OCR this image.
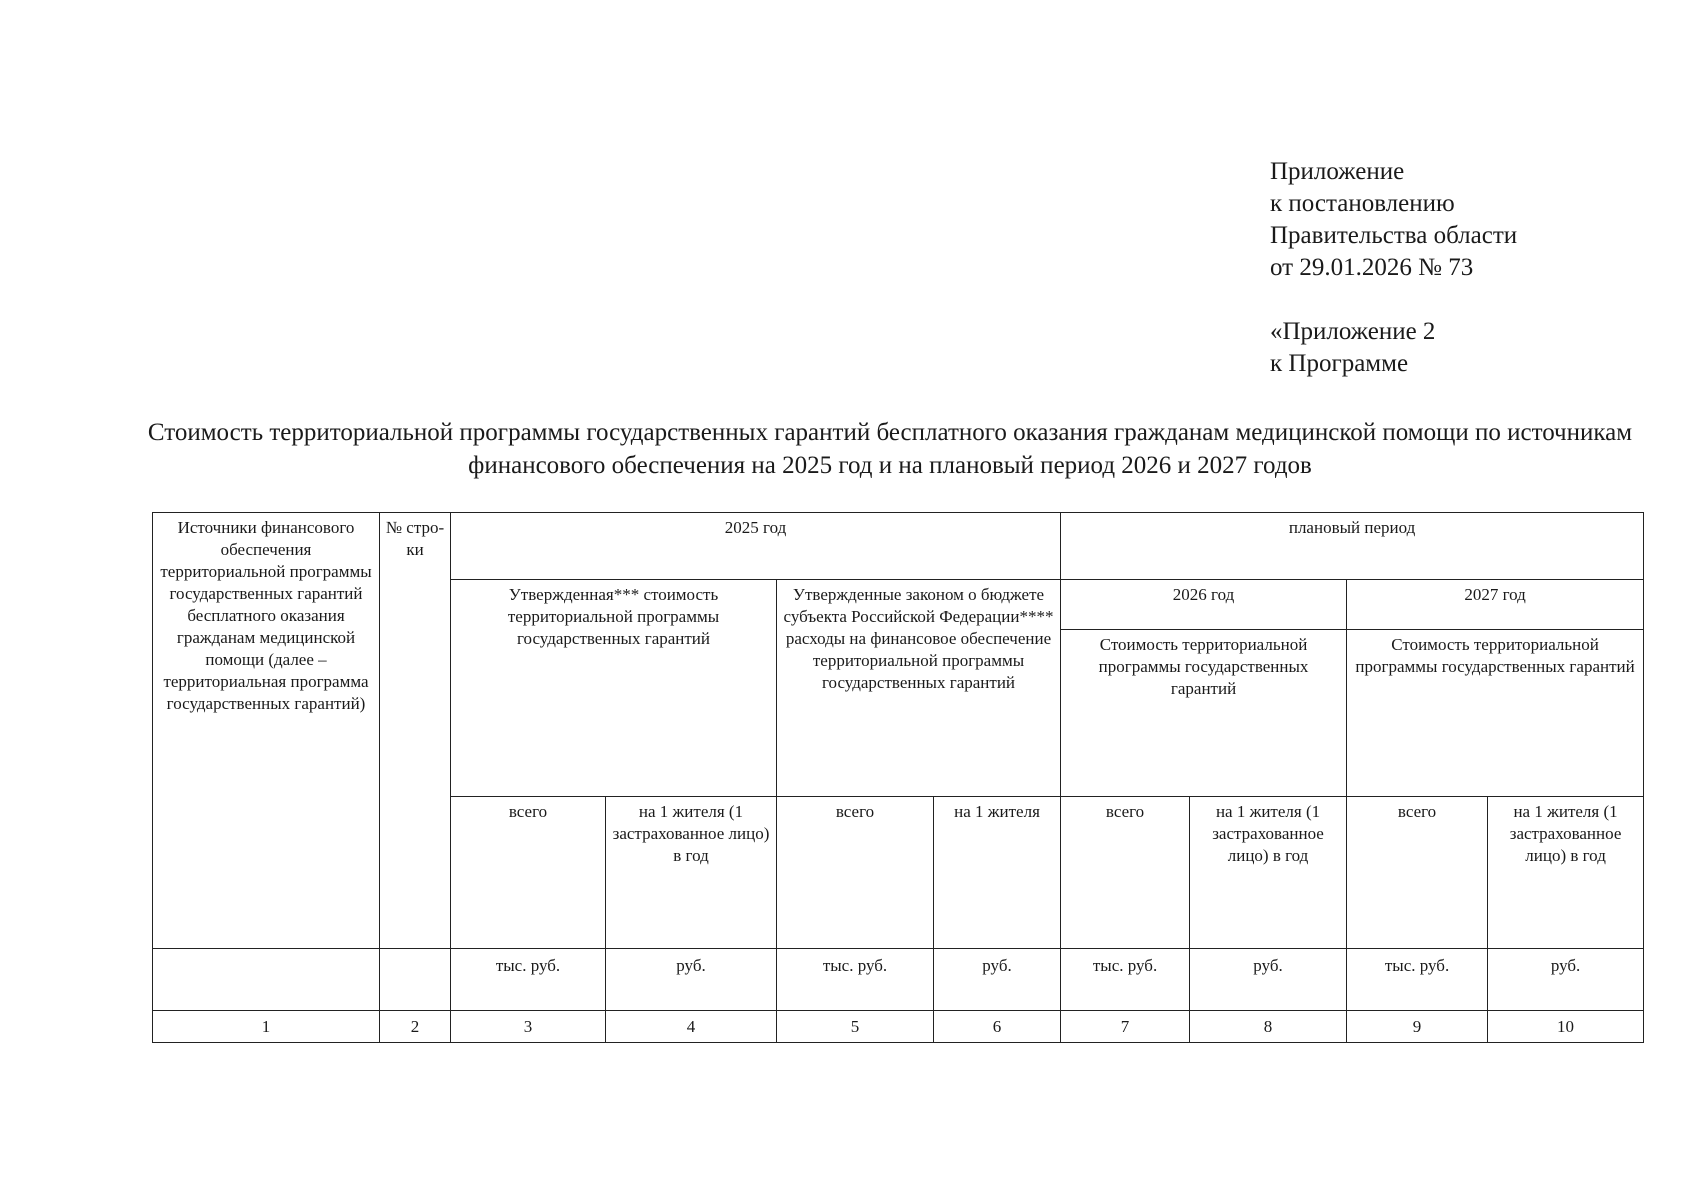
Приложение
к постановлению
Правительства области
от 29.01.2026 № 73
«Приложение 2
к Программе
Стоимость территориальной программы государственных гарантий бесплатного оказания гражданам медицинской помощи по источникам финансового обеспечения на 2025 год и на плановый период 2026 и 2027 годов
Источники финансового обеспечения территориальной программы государственных гарантий бесплатного оказания гражданам медицинской помощи (далее – территориальная программа государственных гарантий)	№ стро-ки	2025 год				плановый период			
		Утвержденная*** стоимость территориальной программы государственных гарантий		Утвержденные законом о бюджете субъекта Российской Федерации**** расходы на финансовое обеспечение территориальной программы государственных гарантий		2026 год		2027 год	
						Стоимость территориальной программы государственных гарантий		Стоимость территориальной программы государственных гарантий	
		всего	на 1 жителя (1 застрахованное лицо) в год	всего	на 1 жителя	всего	на 1 жителя (1 застрахованное лицо) в год	всего	на 1 жителя (1 застрахованное лицо) в год
		тыс. руб.	руб.	тыс. руб.	руб.	тыс. руб.	руб.	тыс. руб.	руб.
1	2	3	4	5	6	7	8	9	10
